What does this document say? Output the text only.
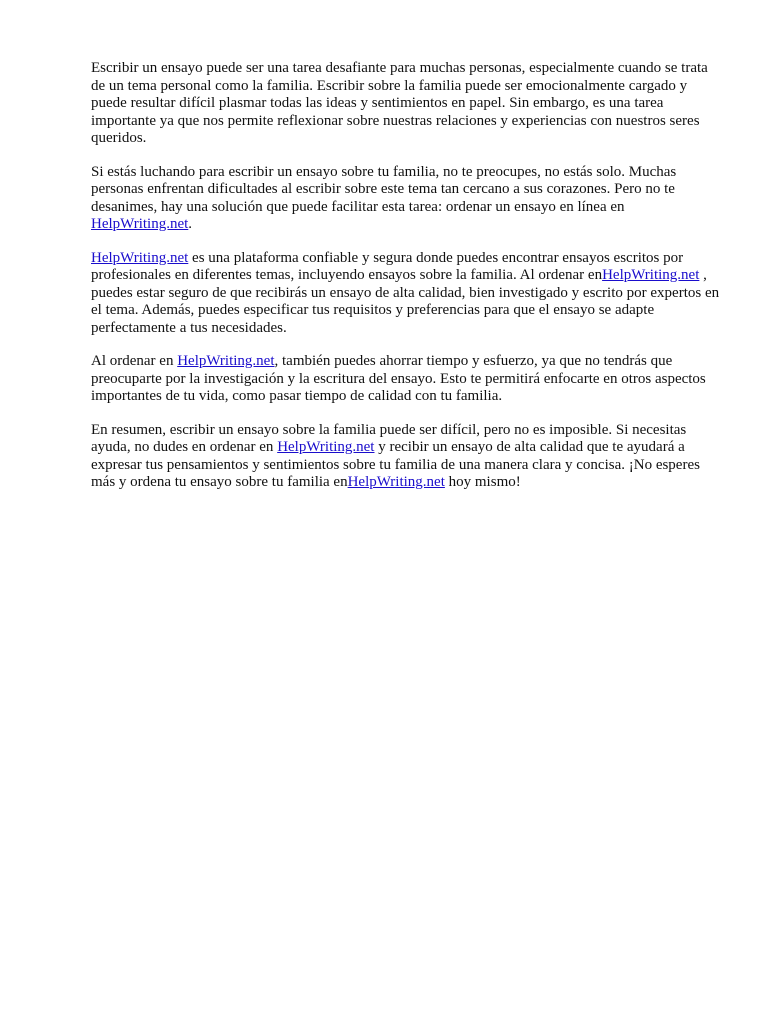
Escribir un ensayo puede ser una tarea desafiante para muchas personas, especialmente cuando se trata de un tema personal como la familia. Escribir sobre la familia puede ser emocionalmente cargado y puede resultar difícil plasmar todas las ideas y sentimientos en papel. Sin embargo, es una tarea importante ya que nos permite reflexionar sobre nuestras relaciones y experiencias con nuestros seres queridos.

Si estás luchando para escribir un ensayo sobre tu familia, no te preocupes, no estás solo. Muchas personas enfrentan dificultades al escribir sobre este tema tan cercano a sus corazones. Pero no te desanimes, hay una solución que puede facilitar esta tarea: ordenar un ensayo en línea en HelpWriting.net.

HelpWriting.net es una plataforma confiable y segura donde puedes encontrar ensayos escritos por profesionales en diferentes temas, incluyendo ensayos sobre la familia. Al ordenar enHelpWriting.net , puedes estar seguro de que recibirás un ensayo de alta calidad, bien investigado y escrito por expertos en el tema. Además, puedes especificar tus requisitos y preferencias para que el ensayo se adapte perfectamente a tus necesidades.

Al ordenar en HelpWriting.net, también puedes ahorrar tiempo y esfuerzo, ya que no tendrás que preocuparte por la investigación y la escritura del ensayo. Esto te permitirá enfocarte en otros aspectos importantes de tu vida, como pasar tiempo de calidad con tu familia.

En resumen, escribir un ensayo sobre la familia puede ser difícil, pero no es imposible. Si necesitas ayuda, no dudes en ordenar en HelpWriting.net y recibir un ensayo de alta calidad que te ayudará a expresar tus pensamientos y sentimientos sobre tu familia de una manera clara y concisa. ¡No esperes más y ordena tu ensayo sobre tu familia enHelpWriting.net hoy mismo!
